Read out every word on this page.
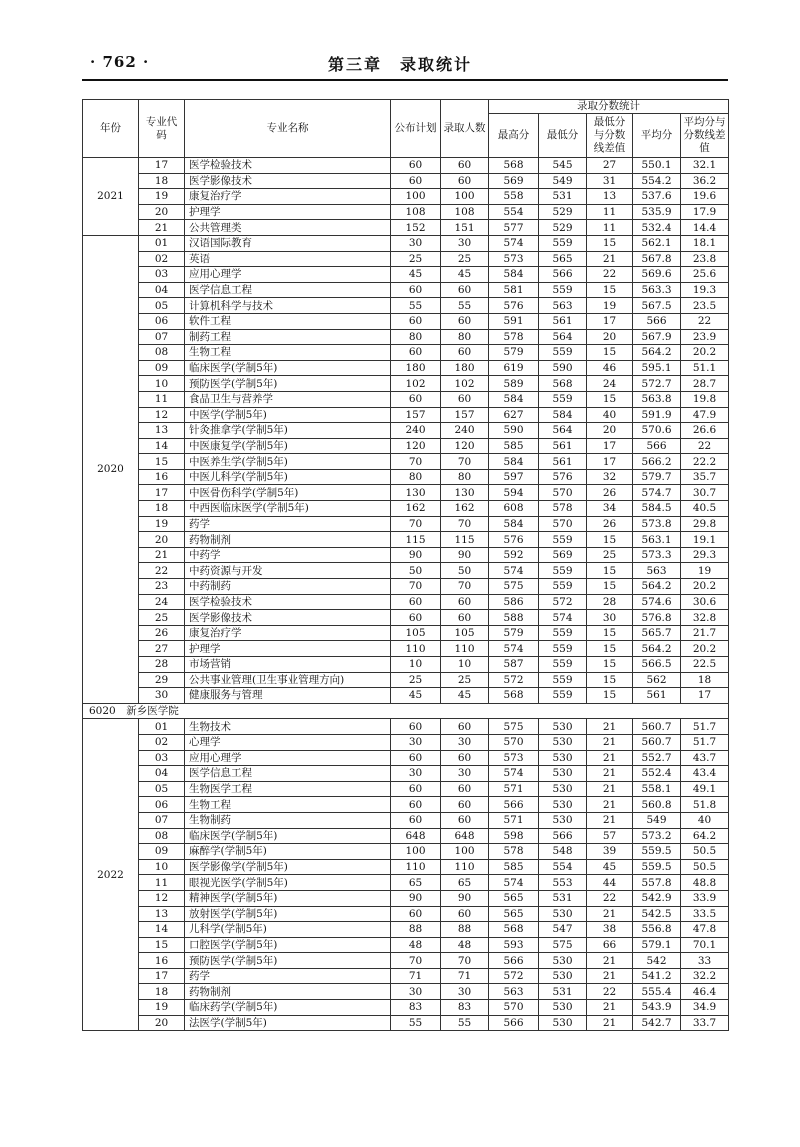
· 762 ·	第三章　录取统计
年份	专业代码	专业名称	公布计划	录取人数	录取分数统计				
					最高分	最低分	最低分与分数线差值	平均分	平均分与分数线差值
2021	17	医学检验技术	60	60	568	545	27	550.1	32.1
	18	医学影像技术	60	60	569	549	31	554.2	36.2
	19	康复治疗学	100	100	558	531	13	537.6	19.6
	20	护理学	108	108	554	529	11	535.9	17.9
	21	公共管理类	152	151	577	529	11	532.4	14.4
2020	01	汉语国际教育	30	30	574	559	15	562.1	18.1
	02	英语	25	25	573	565	21	567.8	23.8
	03	应用心理学	45	45	584	566	22	569.6	25.6
	04	医学信息工程	60	60	581	559	15	563.3	19.3
	05	计算机科学与技术	55	55	576	563	19	567.5	23.5
	06	软件工程	60	60	591	561	17	566	22
	07	制药工程	80	80	578	564	20	567.9	23.9
	08	生物工程	60	60	579	559	15	564.2	20.2
	09	临床医学(学制5年)	180	180	619	590	46	595.1	51.1
	10	预防医学(学制5年)	102	102	589	568	24	572.7	28.7
	11	食品卫生与营养学	60	60	584	559	15	563.8	19.8
	12	中医学(学制5年)	157	157	627	584	40	591.9	47.9
	13	针灸推拿学(学制5年)	240	240	590	564	20	570.6	26.6
	14	中医康复学(学制5年)	120	120	585	561	17	566	22
	15	中医养生学(学制5年)	70	70	584	561	17	566.2	22.2
	16	中医儿科学(学制5年)	80	80	597	576	32	579.7	35.7
	17	中医骨伤科学(学制5年)	130	130	594	570	26	574.7	30.7
	18	中西医临床医学(学制5年)	162	162	608	578	34	584.5	40.5
	19	药学	70	70	584	570	26	573.8	29.8
	20	药物制剂	115	115	576	559	15	563.1	19.1
	21	中药学	90	90	592	569	25	573.3	29.3
	22	中药资源与开发	50	50	574	559	15	563	19
	23	中药制药	70	70	575	559	15	564.2	20.2
	24	医学检验技术	60	60	586	572	28	574.6	30.6
	25	医学影像技术	60	60	588	574	30	576.8	32.8
	26	康复治疗学	105	105	579	559	15	565.7	21.7
	27	护理学	110	110	574	559	15	564.2	20.2
	28	市场营销	10	10	587	559	15	566.5	22.5
	29	公共事业管理(卫生事业管理方向)	25	25	572	559	15	562	18
	30	健康服务与管理	45	45	568	559	15	561	17
6020　新乡医学院									
2022	01	生物技术	60	60	575	530	21	560.7	51.7
	02	心理学	30	30	570	530	21	560.7	51.7
	03	应用心理学	60	60	573	530	21	552.7	43.7
	04	医学信息工程	30	30	574	530	21	552.4	43.4
	05	生物医学工程	60	60	571	530	21	558.1	49.1
	06	生物工程	60	60	566	530	21	560.8	51.8
	07	生物制药	60	60	571	530	21	549	40
	08	临床医学(学制5年)	648	648	598	566	57	573.2	64.2
	09	麻醉学(学制5年)	100	100	578	548	39	559.5	50.5
	10	医学影像学(学制5年)	110	110	585	554	45	559.5	50.5
	11	眼视光医学(学制5年)	65	65	574	553	44	557.8	48.8
	12	精神医学(学制5年)	90	90	565	531	22	542.9	33.9
	13	放射医学(学制5年)	60	60	565	530	21	542.5	33.5
	14	儿科学(学制5年)	88	88	568	547	38	556.8	47.8
	15	口腔医学(学制5年)	48	48	593	575	66	579.1	70.1
	16	预防医学(学制5年)	70	70	566	530	21	542	33
	17	药学	71	71	572	530	21	541.2	32.2
	18	药物制剂	30	30	563	531	22	555.4	46.4
	19	临床药学(学制5年)	83	83	570	530	21	543.9	34.9
	20	法医学(学制5年)	55	55	566	530	21	542.7	33.7
